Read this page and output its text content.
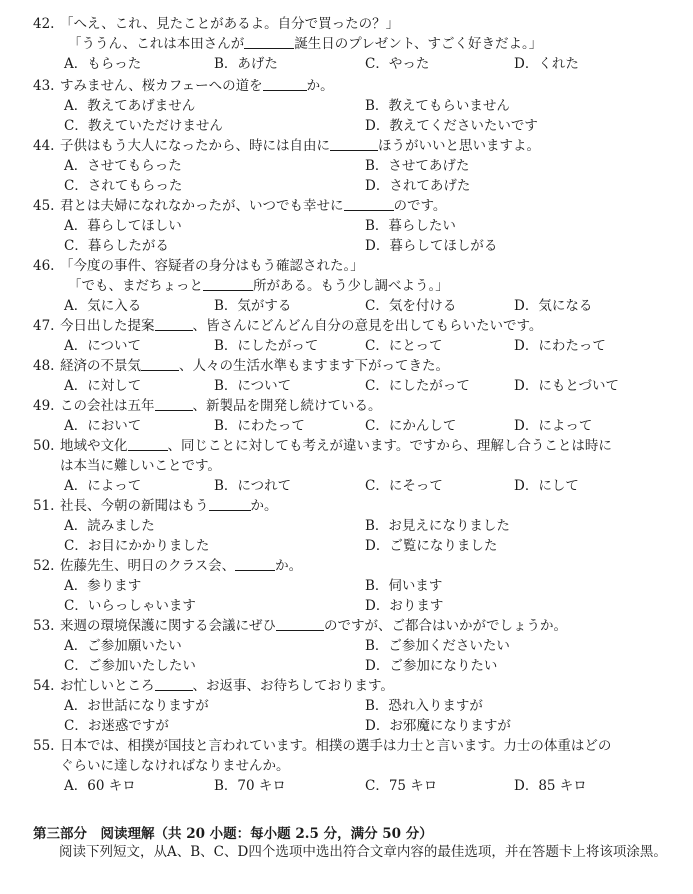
42. 「へえ、これ、見たことがあるよ。自分で買ったの？」
「ううん、これは本田さんが	誕生日のプレゼント、すごく好きだよ。」
A．もらった	B．あげた	C．やった	D．くれた
43. すみません、桜カフェーへの道を	か。
A．教えてあげません	B．教えてもらいません
C．教えていただけません	D．教えてくださいたいです
44. 子供はもう大人になったから、時には自由に	ほうがいいと思いますよ。
A．させてもらった	B．させてあげた
C．されてもらった	D．されてあげた
45. 君とは夫婦になれなかったが、いつでも幸せに	のです。
A．暮らしてほしい	B．暮らしたい
C．暮らしたがる	D．暮らしてほしがる
46. 「今度の事件、容疑者の身分はもう確認された。」
「でも、まだちょっと	所がある。もう少し調べよう。」
A．気に入る	B．気がする	C．気を付ける	D．気になる
47. 今日出した提案	、皆さんにどんどん自分の意見を出してもらいたいです。
A．について	B．にしたがって	C．にとって	D．にわたって
48. 経済の不景気	、人々の生活水準もますます下がってきた。
A．に対して	B．について	C．にしたがって	D．にもとづいて
49. この会社は五年	、新製品を開発し続けている。
A．において	B．にわたって	C．にかんして	D．によって
50. 地域や文化	、同じことに対しても考えが違います。ですから、理解し合うことは時に
は本当に難しいことです。
A．によって	B．につれて	C．にそって	D．にして
51. 社長、今朝の新聞はもう	か。
A．読みました	B．お見えになりました
C．お目にかかりました	D．ご覧になりました
52. 佐藤先生、明日のクラス会、	か。
A．参ります	B．伺います
C．いらっしゃいます	D．おります
53. 来週の環境保護に関する会議にぜひ	のですが、ご都合はいかがでしょうか。
A．ご参加願いたい	B．ご参加くださいたい
C．ご参加いたしたい	D．ご参加になりたい
54. お忙しいところ	、お返事、お待ちしております。
A．お世話になりますが	B．恐れ入りますが
C．お迷惑ですが	D．お邪魔になりますが
55. 日本では、相撲が国技と言われています。相撲の選手は力士と言います。力士の体重はどの
ぐらいに達しなければなりませんか。
A．60 キロ	B．70 キロ	C．75 キロ	D．85 キロ
第三部分　阅读理解（共 20 小题：每小题 2.5 分，满分 50 分）
阅读下列短文，从A、B、C、D四个选项中选出符合文章内容的最佳选项，并在答题卡上将该项涂黑。
